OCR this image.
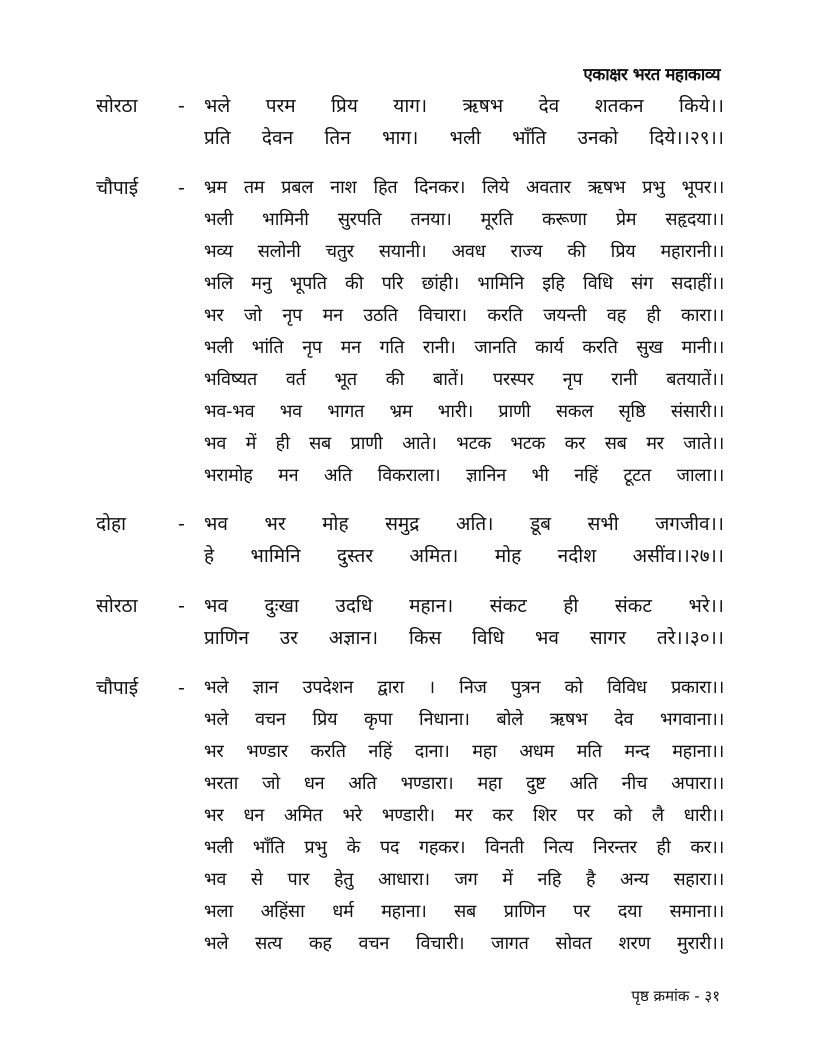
एकाक्षर भरत महाकाव्य
सोरठा	-	भले परम प्रिय याग। ऋषभ देव शतकन किये।।
प्रति देवन तिन भाग। भली भाँति उनको दिये।।२९।।
चौपाई	-	भ्रम तम प्रबल नाश हित दिनकर। लिये अवतार ऋषभ प्रभु भूपर।।
भली भामिनी सुरपति तनया। मूरति करूणा प्रेम सहृदया।।
भव्य सलोनी चतुर सयानी। अवध राज्य की प्रिय महारानी।।
भलि मनु भूपति की परि छांही। भामिनि इहि विधि संग सदाहीं।।
भर जो नृप मन उठति विचारा। करति जयन्ती वह ही कारा।।
भली भांति नृप मन गति रानी। जानति कार्य करति सुख मानी।।
भविष्यत वर्त भूत की बातें। परस्पर नृप रानी बतयातें।।
भव-भव भव भागत भ्रम भारी। प्राणी सकल सृष्ठि संसारी।।
भव में ही सब प्राणी आते। भटक भटक कर सब मर जाते।।
भरामोह मन अति विकराला। ज्ञानिन भी नहिं टूटत जाला।।
दोहा	-	भव भर मोह समुद्र अति। डूब सभी जगजीव।।
हे भामिनि दुस्तर अमित। मोह नदीश असींव।।२७।।
सोरठा	-	भव दुःखा उदधि महान। संकट ही संकट भरे।।
प्राणिन उर अज्ञान। किस विधि भव सागर तरे।।३०।।
चौपाई	-	भले ज्ञान उपदेशन द्वारा । निज पुत्रन को विविध प्रकारा।।
भले वचन प्रिय कृपा निधाना। बोले ऋषभ देव भगवाना।।
भर भण्डार करति नहिं दाना। महा अधम मति मन्द महाना।।
भरता जो धन अति भण्डारा। महा दुष्ट अति नीच अपारा।।
भर धन अमित भरे भण्डारी। मर कर शिर पर को लै धारी।।
भली भाँति प्रभु के पद गहकर। विनती नित्य निरन्तर ही कर।।
भव से पार हेतु आधारा। जग में नहि है अन्य सहारा।।
भला अहिंसा धर्म महाना। सब प्राणिन पर दया समाना।।
भले सत्य कह वचन विचारी। जागत सोवत शरण मुरारी।।
पृष्ठ क्रमांक - ३१
